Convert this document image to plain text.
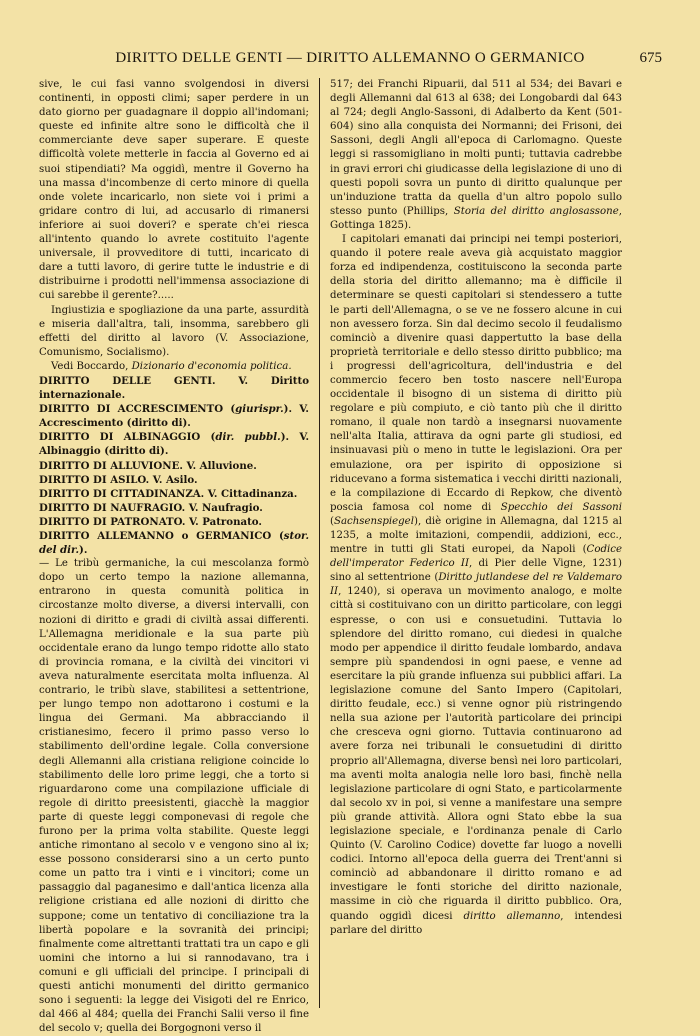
DIRITTO DELLE GENTI — DIRITTO ALLEMANNO O GERMANICO	675

sive, le cui fasi vanno svolgendosi in diversi continenti, in opposti climi; saper perdere in un dato giorno per guadagnare il doppio all'indomani; queste ed infinite altre sono le difficoltà che il commerciante deve saper superare. E queste difficoltà volete metterle in faccia al Governo ed ai suoi stipendiati? Ma oggidì, mentre il Governo ha una massa d'incombenze di certo minore di quella onde volete incaricarlo, non siete voi i primi a gridare contro di lui, ad accusarlo di rimanersi inferiore ai suoi doveri? e sperate ch'ei riesca all'intento quando lo avrete costituito l'agente universale, il provveditore di tutti, incaricato di dare a tutti lavoro, di gerire tutte le industrie e di distribuirne i prodotti nell'immensa associazione di cui sarebbe il gerente?.....

Ingiustizia e spogliazione da una parte, assurdità e miseria dall'altra, tali, insomma, sarebbero gli effetti del diritto al lavoro (V. Associazione, Comunismo, Socialismo).

Vedi Boccardo, Dizionario d'economia politica.

DIRITTO DELLE GENTI. V. Diritto internazionale.

DIRITTO DI ACCRESCIMENTO (giurispr.). V. Accrescimento (diritto di).

DIRITTO DI ALBINAGGIO (dir. pubbl.). V. Albinaggio (diritto di).

DIRITTO DI ALLUVIONE. V. Alluvione.

DIRITTO DI ASILO. V. Asilo.

DIRITTO DI CITTADINANZA. V. Cittadinanza.

DIRITTO DI NAUFRAGIO. V. Naufragio.

DIRITTO DI PATRONATO. V. Patronato.

DIRITTO ALLEMANNO o GERMANICO (stor. del dir.).

— Le tribù germaniche, la cui mescolanza formò dopo un certo tempo la nazione allemanna, entrarono in questa comunità politica in circostanze molto diverse, a diversi intervalli, con nozioni di diritto e gradi di civiltà assai differenti. L'Allemagna meridionale e la sua parte più occidentale erano da lungo tempo ridotte allo stato di provincia romana, e la civiltà dei vincitori vi aveva naturalmente esercitata molta influenza. Al contrario, le tribù slave, stabilitesi a settentrione, per lungo tempo non adottarono i costumi e la lingua dei Germani. Ma abbracciando il cristianesimo, fecero il primo passo verso lo stabilimento dell'ordine legale. Colla conversione degli Allemanni alla cristiana religione coincide lo stabilimento delle loro prime leggi, che a torto si riguardarono come una compilazione ufficiale di regole di diritto preesistenti, giacchè la maggior parte di queste leggi componevasi di regole che furono per la prima volta stabilite. Queste leggi antiche rimontano al secolo v e vengono sino al ix; esse possono considerarsi sino a un certo punto come un patto tra i vinti e i vincitori; come un passaggio dal paganesimo e dall'antica licenza alla religione cristiana ed alle nozioni di diritto che suppone; come un tentativo di conciliazione tra la libertà popolare e la sovranità dei principi; finalmente come altrettanti trattati tra un capo e gli uomini che intorno a lui si rannodavano, tra i comuni e gli ufficiali del principe. I principali di questi antichi monumenti del diritto germanico sono i seguenti: la legge dei Visigoti del re Enrico, dal 466 al 484; quella dei Franchi Salii verso il fine del secolo v; quella dei Borgognoni verso il

517; dei Franchi Ripuarii, dal 511 al 534; dei Bavari e degli Allemanni dal 613 al 638; dei Longobardi dal 643 al 724; degli Anglo-Sassoni, di Adalberto da Kent (501-604) sino alla conquista dei Normanni; dei Frisoni, dei Sassoni, degli Angli all'epoca di Carlomagno. Queste leggi si rassomigliano in molti punti; tuttavia cadrebbe in gravi errori chi giudicasse della legislazione di uno di questi popoli sovra un punto di diritto qualunque per un'induzione tratta da quella d'un altro popolo sullo stesso punto (Phillips, Storia del diritto anglosassone, Gottinga 1825).

I capitolari emanati dai principi nei tempi posteriori, quando il potere reale aveva già acquistato maggior forza ed indipendenza, costituiscono la seconda parte della storia del diritto allemanno; ma è difficile il determinare se questi capitolari si stendessero a tutte le parti dell'Allemagna, o se ve ne fossero alcune in cui non avessero forza. Sin dal decimo secolo il feudalismo cominciò a divenire quasi dappertutto la base della proprietà territoriale e dello stesso diritto pubblico; ma i progressi dell'agricoltura, dell'industria e del commercio fecero ben tosto nascere nell'Europa occidentale il bisogno di un sistema di diritto più regolare e più compiuto, e ciò tanto più che il diritto romano, il quale non tardò a insegnarsi nuovamente nell'alta Italia, attirava da ogni parte gli studiosi, ed insinuavasi più o meno in tutte le legislazioni. Ora per emulazione, ora per ispirito di opposizione si riducevano a forma sistematica i vecchi diritti nazionali, e la compilazione di Eccardo di Repkow, che diventò poscia famosa col nome di Specchio dei Sassoni (Sachsenspiegel), diè origine in Allemagna, dal 1215 al 1235, a molte imitazioni, compendii, addizioni, ecc., mentre in tutti gli Stati europei, da Napoli (Codice dell'imperator Federico II, di Pier delle Vigne, 1231) sino al settentrione (Diritto jutlandese del re Valdemaro II, 1240), si operava un movimento analogo, e molte città si costituivano con un diritto particolare, con leggi espresse, o con usi e consuetudini. Tuttavia lo splendore del diritto romano, cui diedesi in qualche modo per appendice il diritto feudale lombardo, andava sempre più spandendosi in ogni paese, e venne ad esercitare la più grande influenza sui pubblici affari. La legislazione comune del Santo Impero (Capitolari, diritto feudale, ecc.) si venne ognor più ristringendo nella sua azione per l'autorità particolare dei principi che cresceva ogni giorno. Tuttavia continuarono ad avere forza nei tribunali le consuetudini di diritto proprio all'Allemagna, diverse bensì nei loro particolari, ma aventi molta analogia nelle loro basi, finchè nella legislazione particolare di ogni Stato, e particolarmente dal secolo xv in poi, si venne a manifestare una sempre più grande attività. Allora ogni Stato ebbe la sua legislazione speciale, e l'ordinanza penale di Carlo Quinto (V. Carolino Codice) dovette far luogo a novelli codici. Intorno all'epoca della guerra dei Trent'anni si cominciò ad abbandonare il diritto romano e ad investigare le fonti storiche del diritto nazionale, massime in ciò che riguarda il diritto pubblico. Ora, quando oggidì dicesi diritto allemanno, intendesi parlare del diritto
